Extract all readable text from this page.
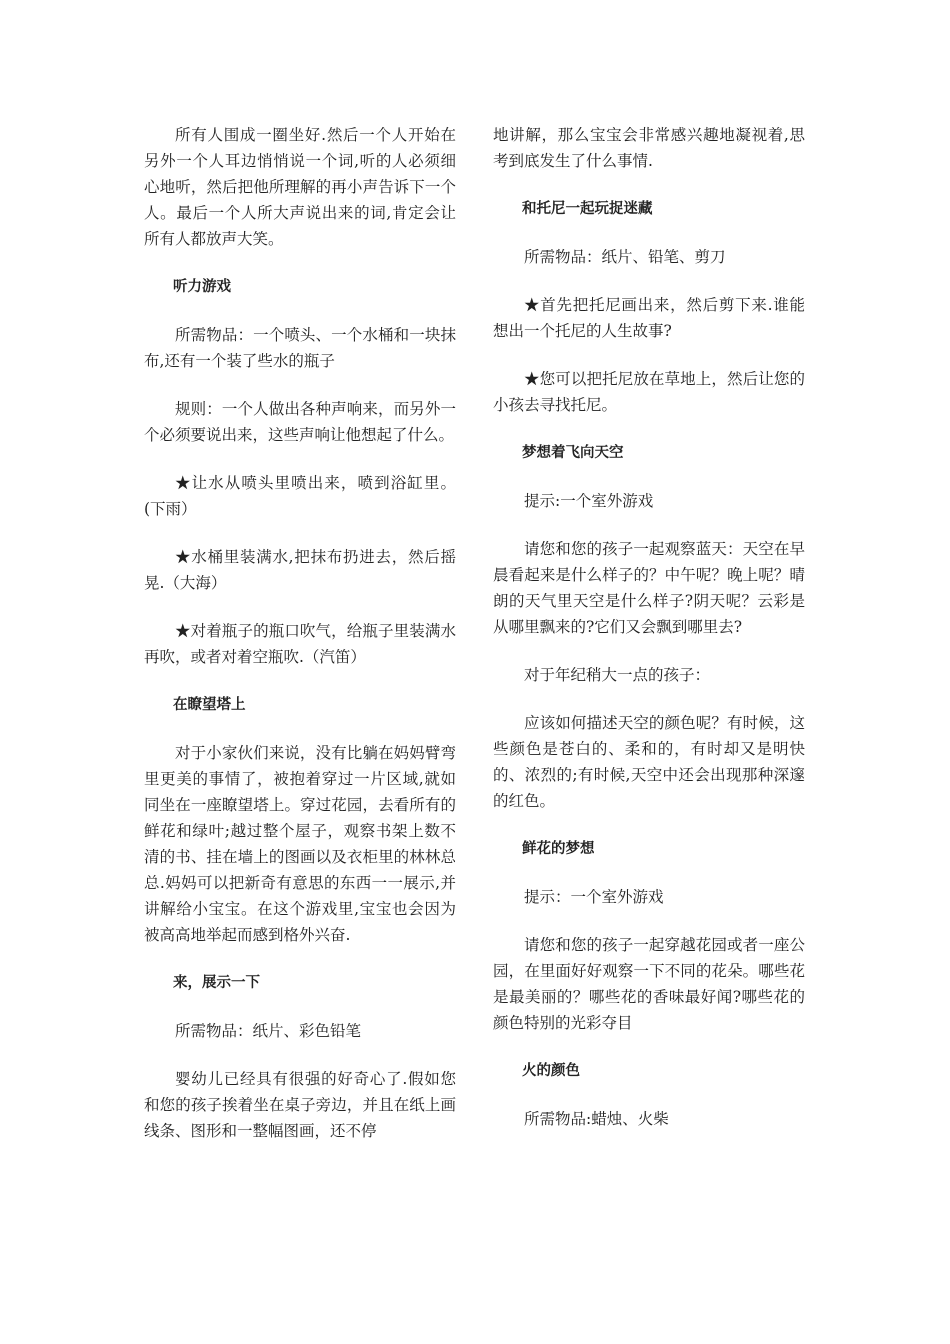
所有人围成一圈坐好.然后一个人开始在另外一个人耳边悄悄说一个词,听的人必须细心地听，然后把他所理解的再小声告诉下一个人。最后一个人所大声说出来的词,肯定会让所有人都放声大笑。

听力游戏

所需物品：一个喷头、一个水桶和一块抹布,还有一个装了些水的瓶子

规则：一个人做出各种声响来，而另外一个必须要说出来，这些声响让他想起了什么。

★让水从喷头里喷出来，喷到浴缸里。(下雨）

★水桶里装满水,把抹布扔进去，然后摇晃.（大海）

★对着瓶子的瓶口吹气，给瓶子里装满水再吹，或者对着空瓶吹.（汽笛）

在瞭望塔上

对于小家伙们来说，没有比躺在妈妈臂弯里更美的事情了，被抱着穿过一片区域,就如同坐在一座瞭望塔上。穿过花园，去看所有的鲜花和绿叶;越过整个屋子，观察书架上数不清的书、挂在墙上的图画以及衣柜里的林林总总.妈妈可以把新奇有意思的东西一一展示,并讲解给小宝宝。在这个游戏里,宝宝也会因为被高高地举起而感到格外兴奋.

来，展示一下

所需物品：纸片、彩色铅笔

婴幼儿已经具有很强的好奇心了.假如您和您的孩子挨着坐在桌子旁边，并且在纸上画线条、图形和一整幅图画，还不停

地讲解，那么宝宝会非常感兴趣地凝视着,思考到底发生了什么事情.

和托尼一起玩捉迷藏

所需物品：纸片、铅笔、剪刀

★首先把托尼画出来，然后剪下来.谁能想出一个托尼的人生故事?

★您可以把托尼放在草地上，然后让您的小孩去寻找托尼。

梦想着飞向天空

提示:一个室外游戏

请您和您的孩子一起观察蓝天：天空在早晨看起来是什么样子的？中午呢？晚上呢？晴朗的天气里天空是什么样子?阴天呢？云彩是从哪里飘来的?它们又会飘到哪里去?

对于年纪稍大一点的孩子：

应该如何描述天空的颜色呢？有时候，这些颜色是苍白的、柔和的，有时却又是明快的、浓烈的;有时候,天空中还会出现那种深邃的红色。

鲜花的梦想

提示：一个室外游戏

请您和您的孩子一起穿越花园或者一座公园，在里面好好观察一下不同的花朵。哪些花是最美丽的？哪些花的香味最好闻?哪些花的颜色特别的光彩夺目

火的颜色

所需物品:蜡烛、火柴
